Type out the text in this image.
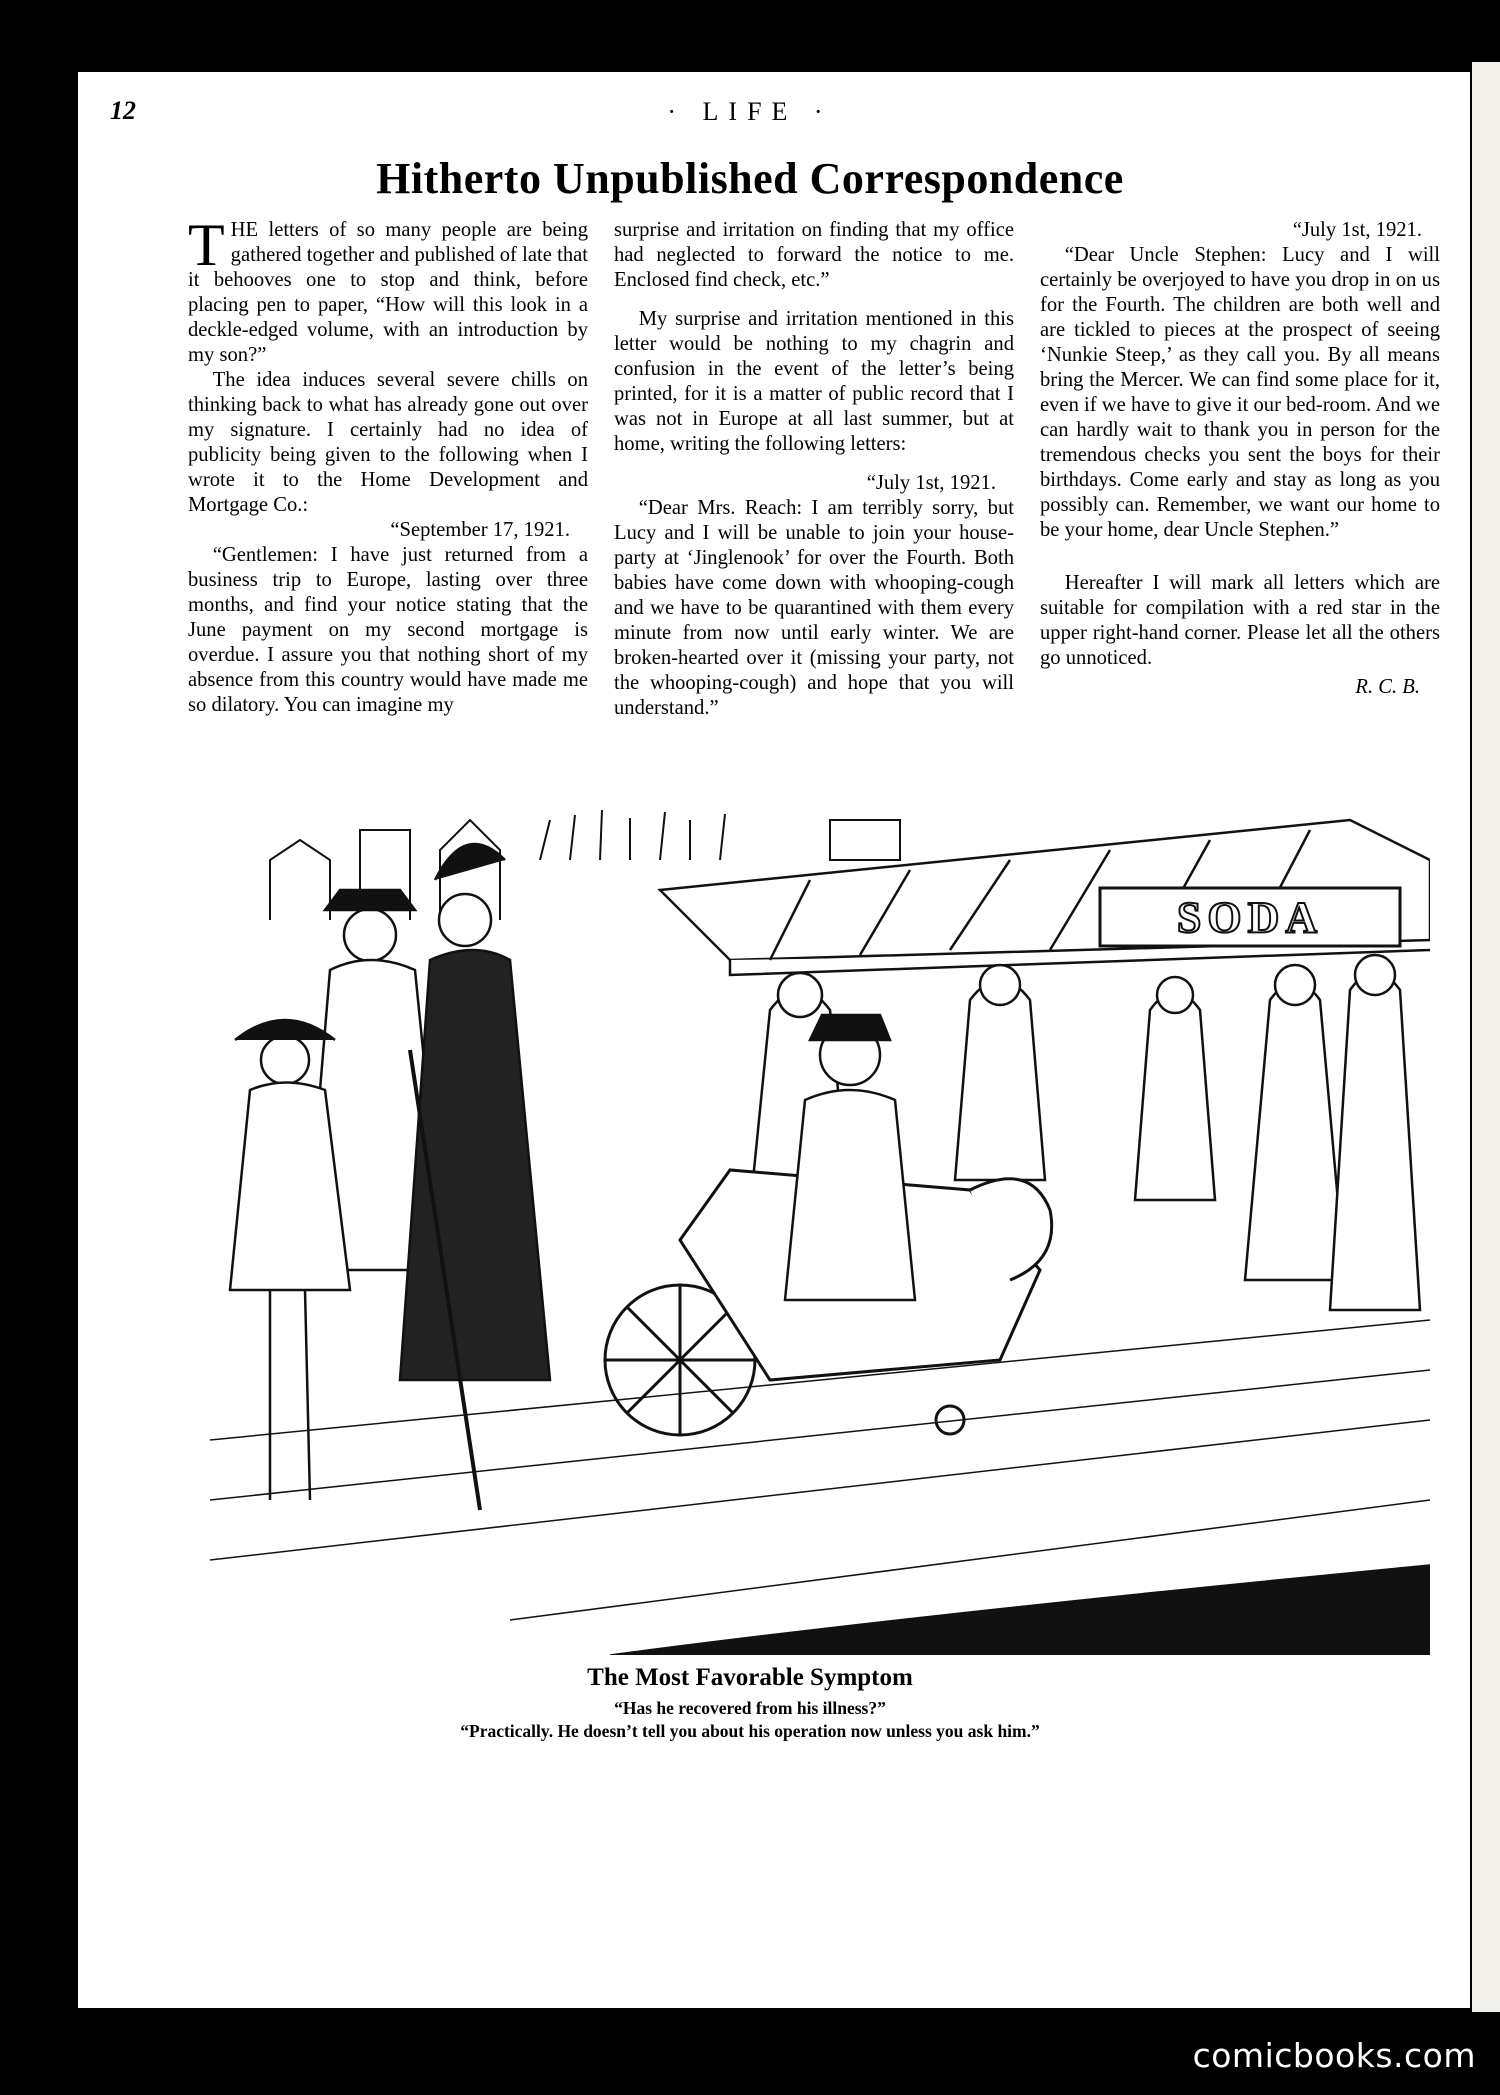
12	· LIFE ·
Hitherto Unpublished Correspondence

THE letters of so many people are being gathered together and published of late that it behooves one to stop and think, before placing pen to paper, “How will this look in a deckle-edged volume, with an introduction by my son?”

The idea induces several severe chills on thinking back to what has already gone out over my signature. I certainly had no idea of publicity being given to the following when I wrote it to the Home Development and Mortgage Co.:

“September 17, 1921.

“Gentlemen: I have just returned from a business trip to Europe, lasting over three months, and find your notice stating that the June payment on my second mortgage is overdue. I assure you that nothing short of my absence from this country would have made me so dilatory. You can imagine my

surprise and irritation on finding that my office had neglected to forward the notice to me. Enclosed find check, etc.”

My surprise and irritation mentioned in this letter would be nothing to my chagrin and confusion in the event of the letter’s being printed, for it is a matter of public record that I was not in Europe at all last summer, but at home, writing the following letters:

“July 1st, 1921.

“Dear Mrs. Reach: I am terribly sorry, but Lucy and I will be unable to join your house-party at ‘Jinglenook’ for over the Fourth. Both babies have come down with whooping-cough and we have to be quarantined with them every minute from now until early winter. We are broken-hearted over it (missing your party, not the whooping-cough) and hope that you will understand.”

“July 1st, 1921.

“Dear Uncle Stephen: Lucy and I will certainly be overjoyed to have you drop in on us for the Fourth. The children are both well and are tickled to pieces at the prospect of seeing ‘Nunkie Steep,’ as they call you. By all means bring the Mercer. We can find some place for it, even if we have to give it our bed-room. And we can hardly wait to thank you in person for the tremendous checks you sent the boys for their birthdays. Come early and stay as long as you possibly can. Remember, we want our home to be your home, dear Uncle Stephen.”

Hereafter I will mark all letters which are suitable for compilation with a red star in the upper right-hand corner. Please let all the others go unnoticed.

R. C. B.

SODA
The Most Favorable Symptom
“Has he recovered from his illness?”
“Practically. He doesn’t tell you about his operation now unless you ask him.”
comicbooks.com
